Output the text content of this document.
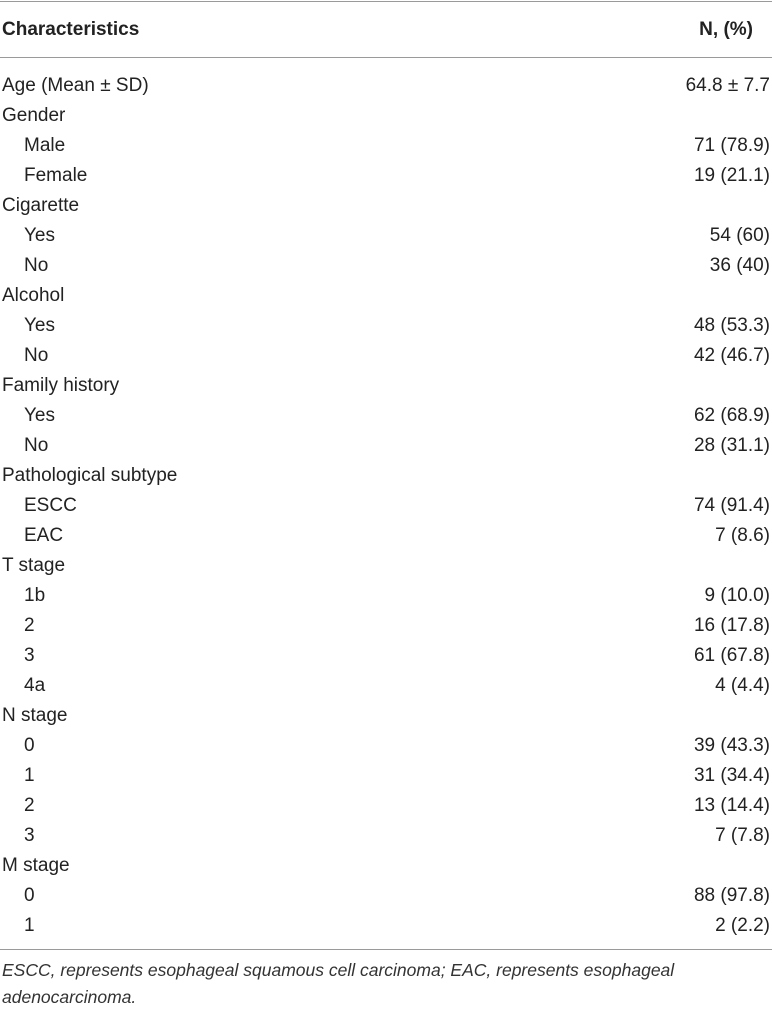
Characteristics	N, (%)
Age (Mean ± SD)	64.8 ± 7.7
Gender
Male	71 (78.9)
Female	19 (21.1)
Cigarette
Yes	54 (60)
No	36 (40)
Alcohol
Yes	48 (53.3)
No	42 (46.7)
Family history
Yes	62 (68.9)
No	28 (31.1)
Pathological subtype
ESCC	74 (91.4)
EAC	7 (8.6)
T stage
1b	9 (10.0)
2	16 (17.8)
3	61 (67.8)
4a	4 (4.4)
N stage
0	39 (43.3)
1	31 (34.4)
2	13 (14.4)
3	7 (7.8)
M stage
0	88 (97.8)
1	2 (2.2)
ESCC, represents esophageal squamous cell carcinoma; EAC, represents esophageal adenocarcinoma.
